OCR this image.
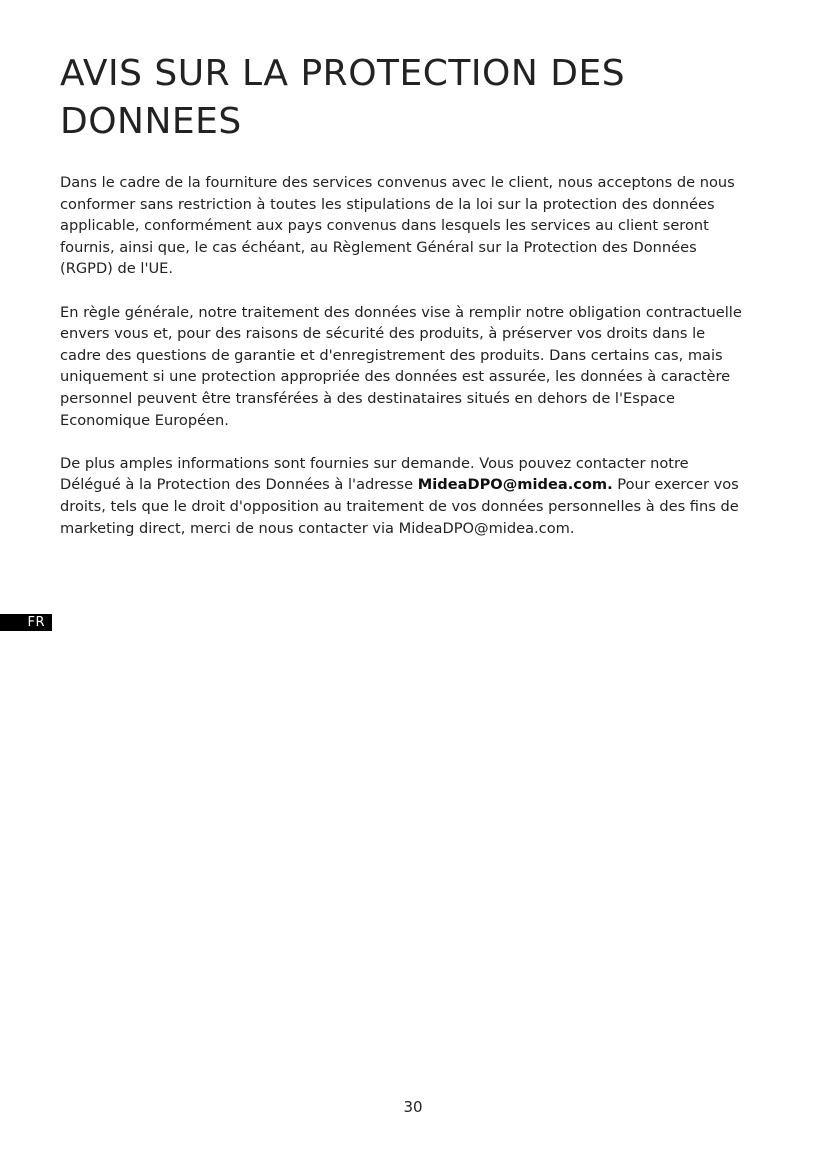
AVIS SUR LA PROTECTION DES DONNEES

Dans le cadre de la fourniture des services convenus avec le client, nous acceptons de nous conformer sans restriction à toutes les stipulations de la loi sur la protection des données applicable, conformément aux pays convenus dans lesquels les services au client seront fournis, ainsi que, le cas échéant, au Règlement Général sur la Protection des Données (RGPD) de l'UE.

En règle générale, notre traitement des données vise à remplir notre obligation contractuelle envers vous et, pour des raisons de sécurité des produits, à préserver vos droits dans le cadre des questions de garantie et d'enregistrement des produits. Dans certains cas, mais uniquement si une protection appropriée des données est assurée, les données à caractère personnel peuvent être transférées à des destinataires situés en dehors de l'Espace Economique Européen.

De plus amples informations sont fournies sur demande. Vous pouvez contacter notre Délégué à la Protection des Données à l'adresse MideaDPO@midea.com. Pour exercer vos droits, tels que le droit d'opposition au traitement de vos données personnelles à des fins de marketing direct, merci de nous contacter via MideaDPO@midea.com.

FR
30
